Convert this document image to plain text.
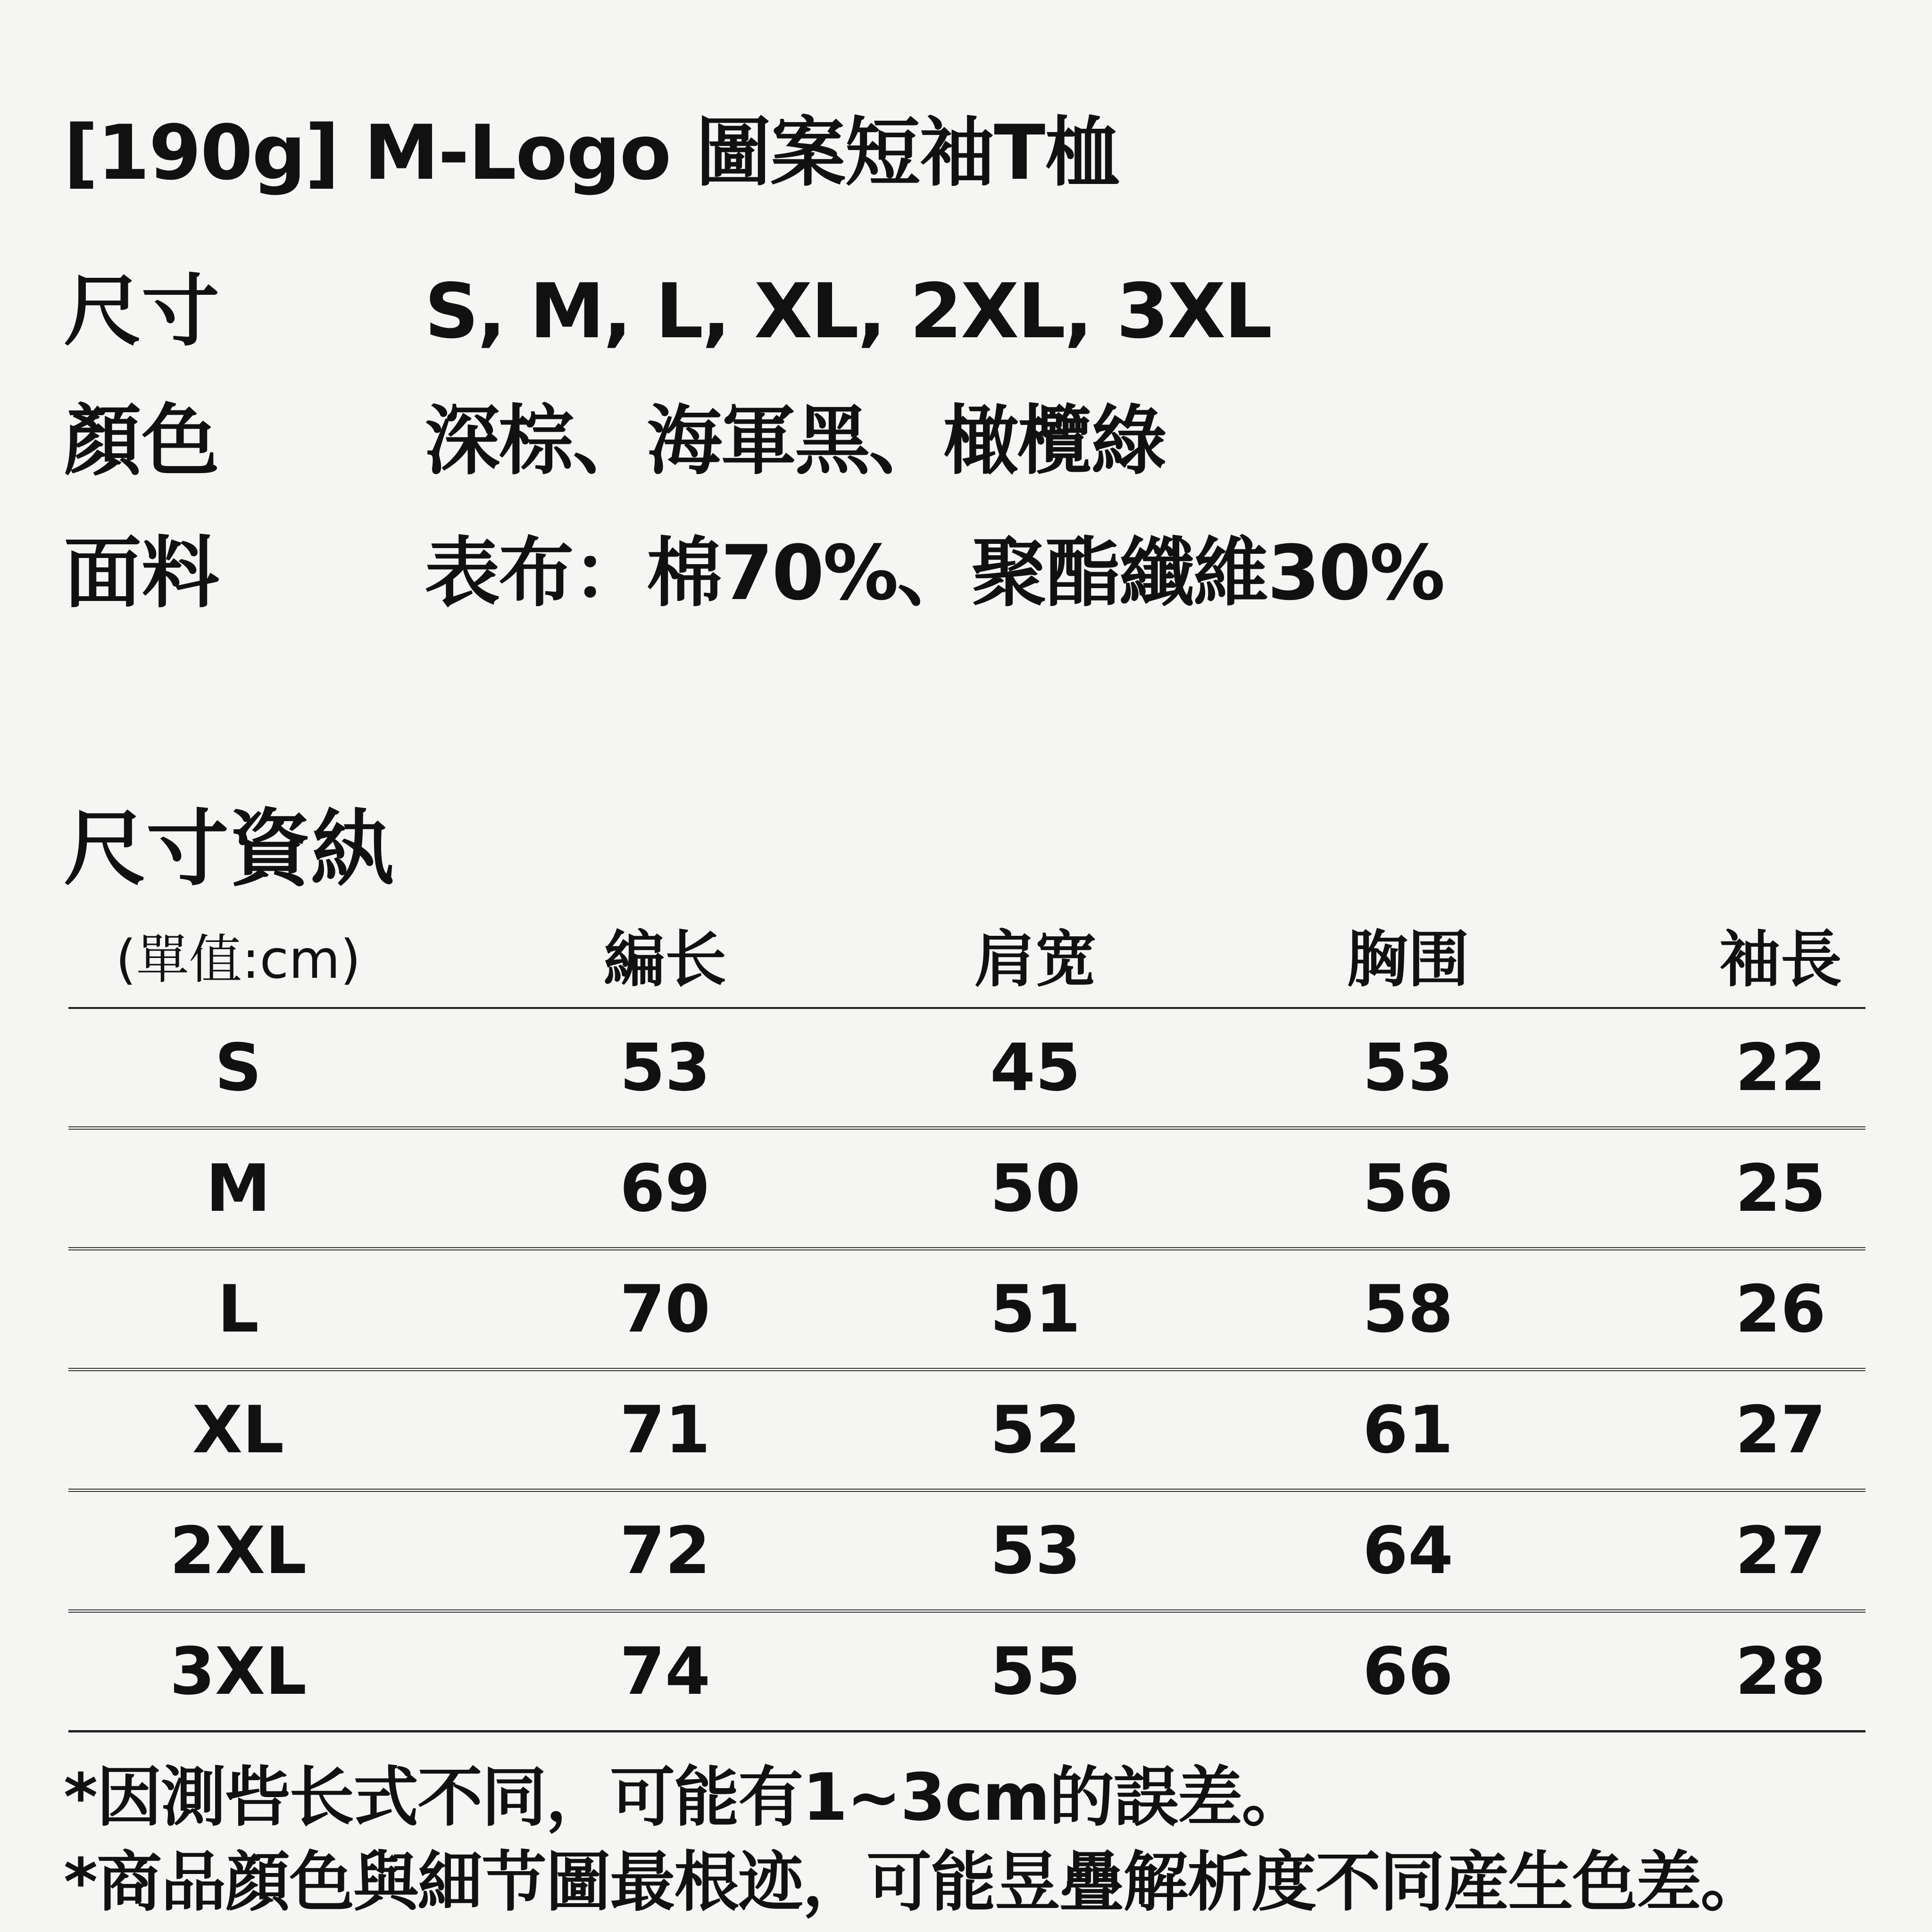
[190g] M-Logo 圖案短袖T桖
尺寸	S, M, L, XL, 2XL, 3XL
顏色	深棕、海軍黑、橄欖綠
面料	表布：棉70%、聚酯纖維30%
尺寸資紈
(單值:cm)	編长	肩宽	胸围	袖長
S	53	45	53	22
M	69	50	56	25
L	70	51	58	26
XL	71	52	61	27
2XL	72	53	64	27
3XL	74	55	66	28
*因測呰长式不同，可能有1~3cm的誤差。
*商品顔色與細节圖最根迹，可能昱疊解析度不同産生色差。
